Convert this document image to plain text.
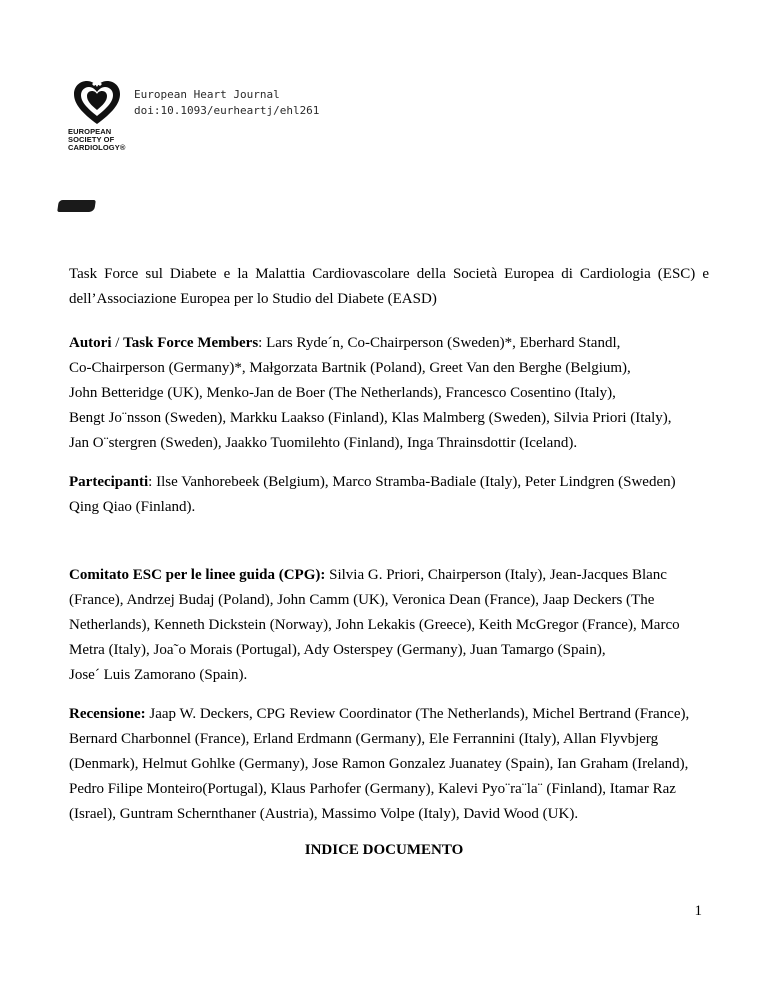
EUROPEAN
SOCIETY OF
CARDIOLOGY®
European Heart Journal
doi:10.1093/eurheartj/ehl261
Task Force sul Diabete e la Malattia Cardiovascolare della Società Europea di Cardiologia (ESC) e
dell’Associazione Europea per lo Studio del Diabete (EASD)
Autori / Task Force Members: Lars Ryde´n, Co-Chairperson (Sweden)*, Eberhard Standl,
Co-Chairperson (Germany)*, Małgorzata Bartnik (Poland), Greet Van den Berghe (Belgium),
John Betteridge (UK), Menko-Jan de Boer (The Netherlands), Francesco Cosentino (Italy),
Bengt Jo¨nsson (Sweden), Markku Laakso (Finland), Klas Malmberg (Sweden), Silvia Priori (Italy),
Jan O¨stergren (Sweden), Jaakko Tuomilehto (Finland), Inga Thrainsdottir (Iceland).
Partecipanti: Ilse Vanhorebeek (Belgium), Marco Stramba-Badiale (Italy), Peter Lindgren (Sweden)
Qing Qiao (Finland).
Comitato ESC per le linee guida (CPG): Silvia G. Priori, Chairperson (Italy), Jean-Jacques Blanc
(France), Andrzej Budaj (Poland), John Camm (UK), Veronica Dean (France), Jaap Deckers (The
Netherlands), Kenneth Dickstein (Norway), John Lekakis (Greece), Keith McGregor (France), Marco
Metra (Italy), Joa˜o Morais (Portugal), Ady Osterspey (Germany), Juan Tamargo (Spain),
Jose´ Luis Zamorano (Spain).
Recensione: Jaap W. Deckers, CPG Review Coordinator (The Netherlands), Michel Bertrand (France),
Bernard Charbonnel (France), Erland Erdmann (Germany), Ele Ferrannini (Italy), Allan Flyvbjerg
(Denmark), Helmut Gohlke (Germany), Jose Ramon Gonzalez Juanatey (Spain), Ian Graham (Ireland),
Pedro Filipe Monteiro(Portugal), Klaus Parhofer (Germany), Kalevi Pyo¨ra¨la¨ (Finland), Itamar Raz
(Israel), Guntram Schernthaner (Austria), Massimo Volpe (Italy), David Wood (UK).
INDICE DOCUMENTO
1
